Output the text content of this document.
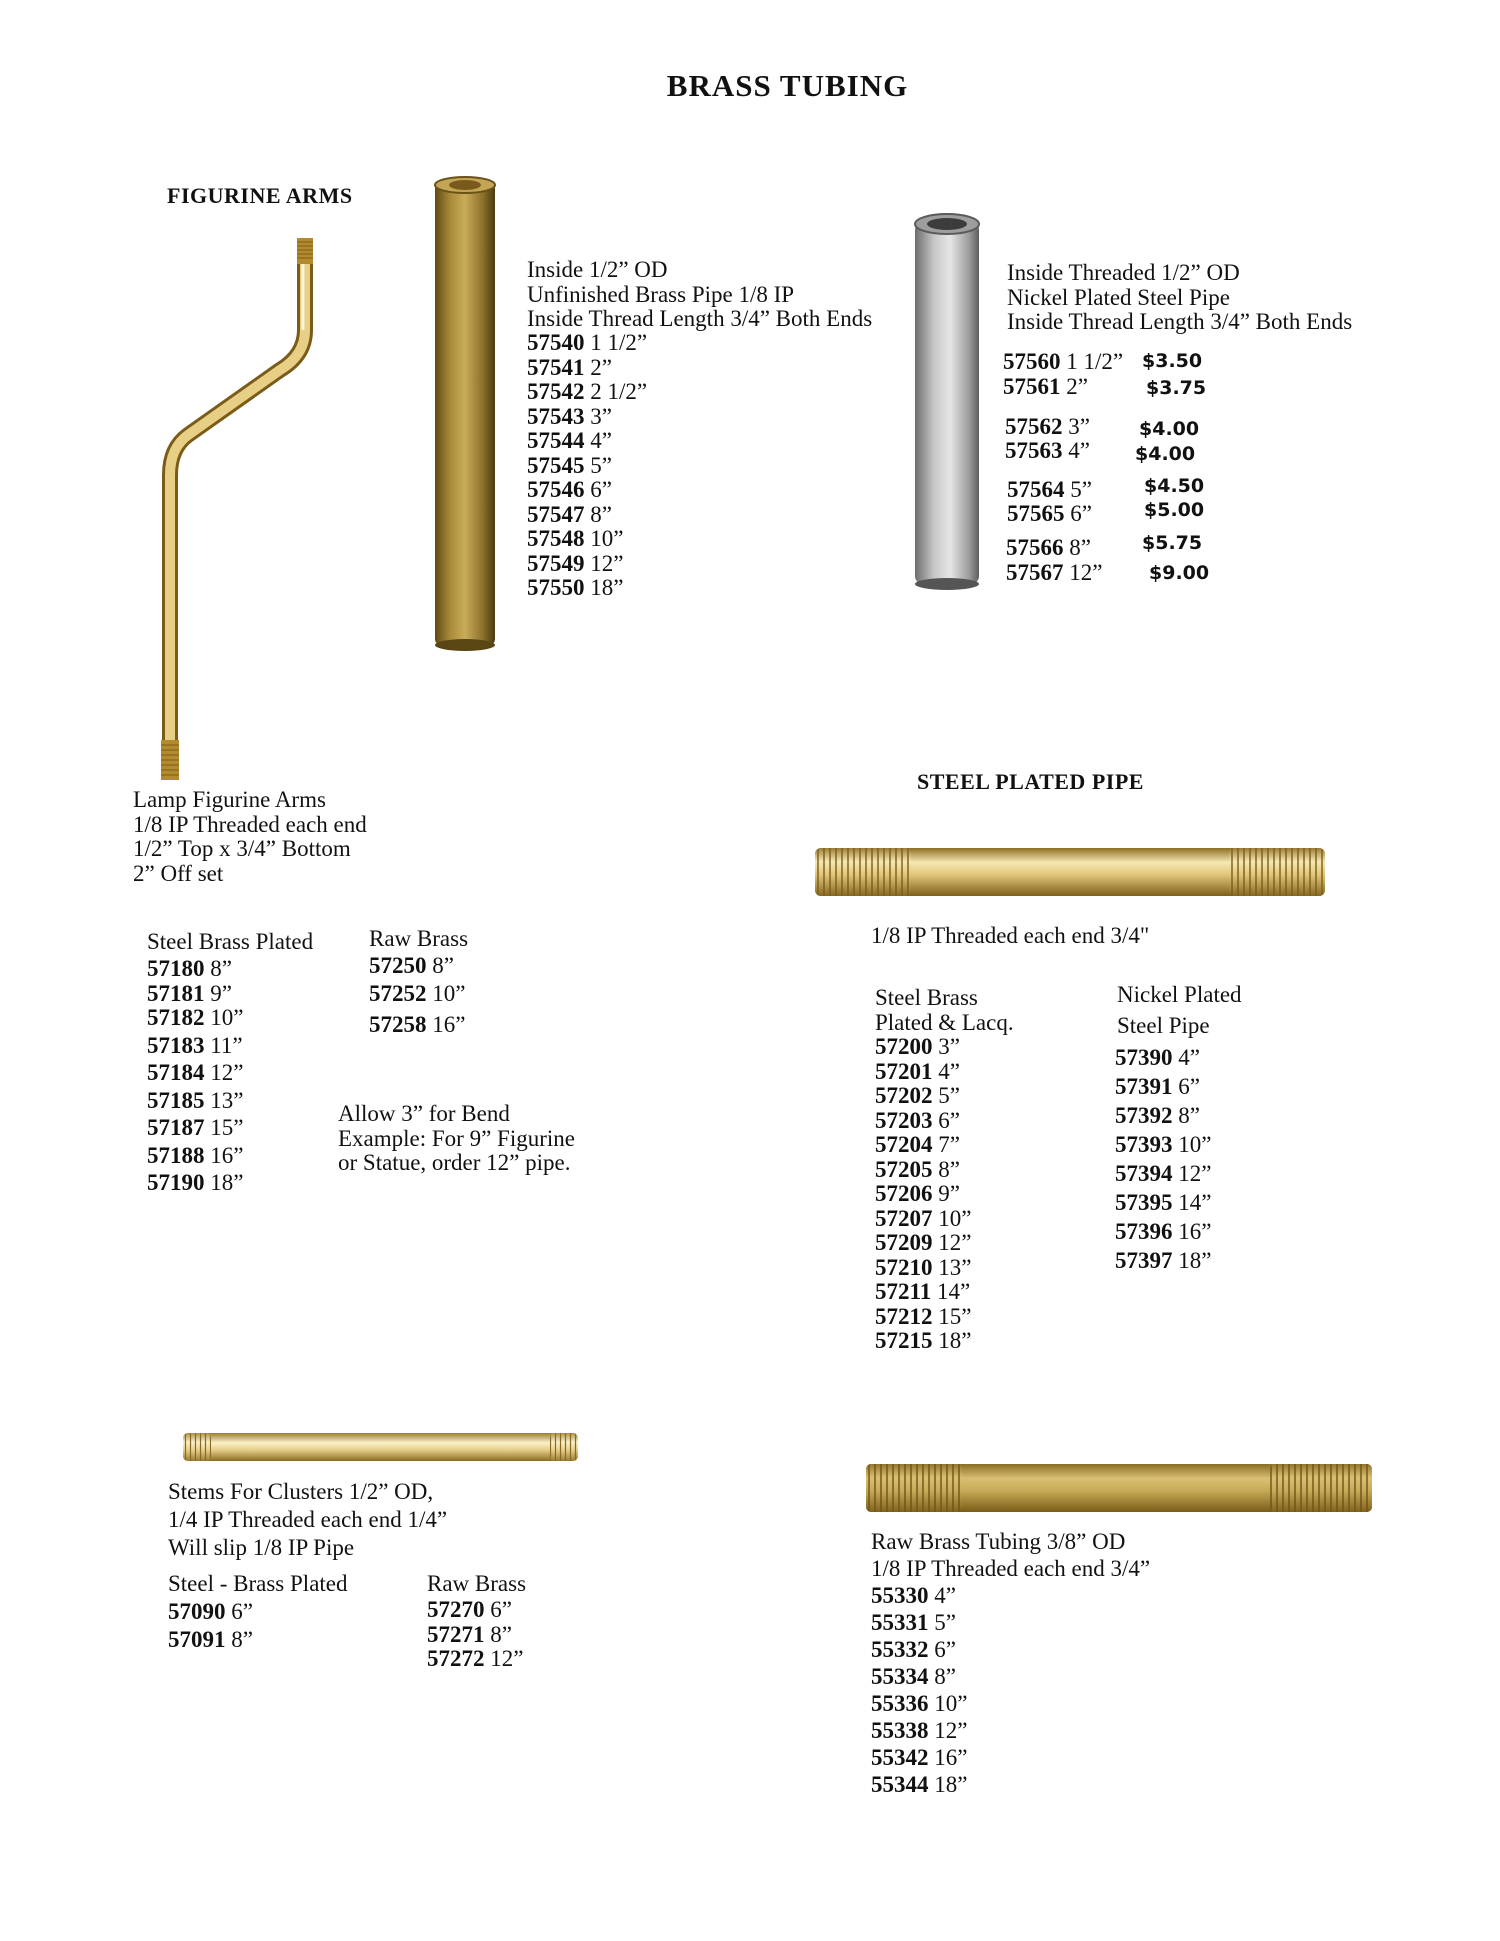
BRASS TUBING
FIGURINE ARMS
Lamp Figurine Arms
1/8 IP Threaded each end
1/2” Top x 3/4” Bottom
2” Off set
Steel Brass Plated
57180 8”
57181 9”
57182 10”
57183 11”
57184 12”
57185 13”
57187 15”
57188 16”
57190 18”
Raw Brass
57250 8”
57252 10”
57258 16”
Allow 3” for Bend
Example: For 9” Figurine
or Statue, order 12” pipe.
Inside 1/2” OD
Unfinished Brass Pipe 1/8 IP
Inside Thread Length 3/4” Both Ends
57540 1 1/2”
57541 2”
57542 2 1/2”
57543 3”
57544 4”
57545 5”
57546 6”
57547 8”
57548 10”
57549 12”
57550 18”
Inside Threaded 1/2” OD
Nickel Plated Steel Pipe
Inside Thread Length 3/4” Both Ends
57560 1 1/2” $3.50
57561 2”	$3.75
57562 3”	$4.00
57563 4” $4.00
57564 5”	$4.50
57565 6”	$5.00
57566 8”	$5.75
57567 12” $9.00
STEEL PLATED PIPE
1/8 IP Threaded each end 3/4"
Steel Brass
Plated & Lacq.
57200 3”
57201 4”
57202 5”
57203 6”
57204 7”
57205 8”
57206 9”
57207 10”
57209 12”
57210 13”
57211 14”
57212 15”
57215 18”
Nickel Plated
Steel Pipe
57390 4”
57391 6”
57392 8”
57393 10”
57394 12”
57395 14”
57396 16”
57397 18”
Stems For Clusters 1/2” OD,
1/4 IP Threaded each end 1/4”
Will slip 1/8 IP Pipe
Steel - Brass Plated
57090 6”
57091 8”
Raw Brass
57270 6”
57271 8”
57272 12”
Raw Brass Tubing 3/8” OD
1/8 IP Threaded each end 3/4”
55330 4”
55331 5”
55332 6”
55334 8”
55336 10”
55338 12”
55342 16”
55344 18”
